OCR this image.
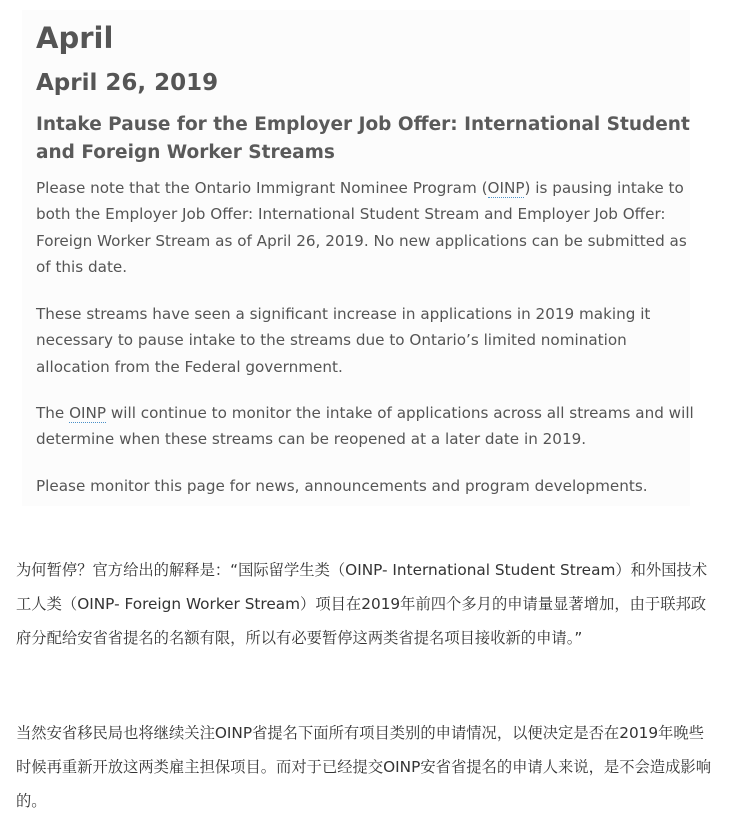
April
April 26, 2019
Intake Pause for the Employer Job Offer: International Student and Foreign Worker Streams

Please note that the Ontario Immigrant Nominee Program (OINP) is pausing intake to both the Employer Job Offer: International Student Stream and Employer Job Offer: Foreign Worker Stream as of April 26, 2019. No new applications can be submitted as of this date.

These streams have seen a significant increase in applications in 2019 making it necessary to pause intake to the streams due to Ontario’s limited nomination allocation from the Federal government.

The OINP will continue to monitor the intake of applications across all streams and will determine when these streams can be reopened at a later date in 2019.

Please monitor this page for news, announcements and program developments.

为何暂停？官方给出的解释是：“国际留学生类（OINP- International Student Stream）和外国技术工人类（OINP- Foreign Worker Stream）项目在2019年前四个多月的申请量显著增加，由于联邦政府分配给安省省提名的名额有限，所以有必要暂停这两类省提名项目接收新的申请。”

当然安省移民局也将继续关注OINP省提名下面所有项目类别的申请情况，以便决定是否在2019年晚些时候再重新开放这两类雇主担保项目。而对于已经提交OINP安省省提名的申请人来说，是不会造成影响的。
